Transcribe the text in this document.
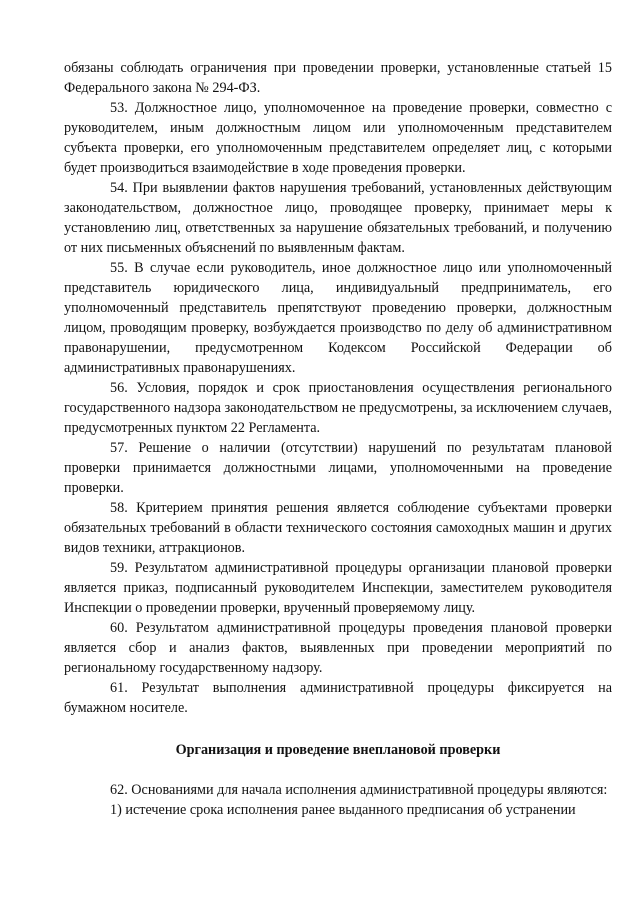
обязаны соблюдать ограничения при проведении проверки, установленные статьей 15 Федерального закона № 294-ФЗ.

53. Должностное лицо, уполномоченное на проведение проверки, совместно с руководителем, иным должностным лицом или уполномоченным представителем субъекта проверки, его уполномоченным представителем определяет лиц, с которыми будет производиться взаимодействие в ходе проведения проверки.

54. При выявлении фактов нарушения требований, установленных действующим законодательством, должностное лицо, проводящее проверку, принимает меры к установлению лиц, ответственных за нарушение обязательных требований, и получению от них письменных объяснений по выявленным фактам.

55. В случае если руководитель, иное должностное лицо или уполномоченный представитель юридического лица, индивидуальный предприниматель, его уполномоченный представитель препятствуют проведению проверки, должностным лицом, проводящим проверку, возбуждается производство по делу об административном правонарушении, предусмотренном Кодексом Российской Федерации об административных правонарушениях.

56. Условия, порядок и срок приостановления осуществления регионального государственного надзора законодательством не предусмотрены, за исключением случаев, предусмотренных пунктом 22 Регламента.

57. Решение о наличии (отсутствии) нарушений по результатам плановой проверки принимается должностными лицами, уполномоченными на проведение проверки.

58. Критерием принятия решения является соблюдение субъектами проверки обязательных требований в области технического состояния самоходных машин и других видов техники, аттракционов.

59. Результатом административной процедуры организации плановой проверки является приказ, подписанный руководителем Инспекции, заместителем руководителя Инспекции о проведении проверки, врученный проверяемому лицу.

60. Результатом административной процедуры проведения плановой проверки является сбор и анализ фактов, выявленных при проведении мероприятий по региональному государственному надзору.

61. Результат выполнения административной процедуры фиксируется на бумажном носителе.

Организация и проведение внеплановой проверки

62. Основаниями для начала исполнения административной процедуры являются:

1) истечение срока исполнения ранее выданного предписания об устранении
